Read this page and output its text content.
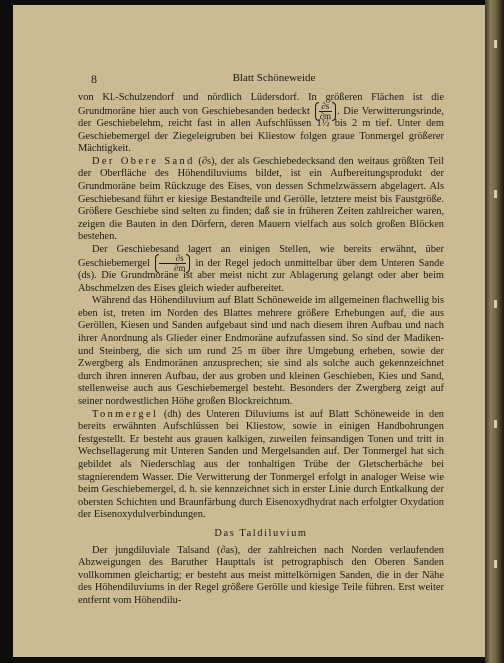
8	Blatt Schöneweide

von Kl.-Schulzendorf und nördlich Lüdersdorf. In größeren Flächen ist die Grundmoräne hier auch von Geschiebesanden bedeckt $\frac{\partial s}{\partial m}$ . Die Verwitterungsrinde, der Geschiebelehm, reicht fast in allen Aufschlüssen 1½ bis 2 m tief. Unter dem Geschiebemergel der Ziegeleigruben bei Kliestow folgen graue Tonmergel größerer Mächtigkeit.

Der Obere Sand (∂s), der als Geschiebedecksand den weitaus größten Teil der Oberfläche des Höhendiluviums bildet, ist ein Aufbereitungsprodukt der Grundmoräne beim Rückzuge des Eises, von dessen Schmelzwässern abgelagert. Als Geschiebesand führt er kiesige Bestandteile und Gerölle, letztere meist bis Faustgröße. Größere Geschiebe sind selten zu finden; daß sie in früheren Zeiten zahlreicher waren, zeigen die Bauten in den Dörfern, deren Mauern vielfach aus solch großen Blöcken bestehen.

Der Geschiebesand lagert an einigen Stellen, wie bereits erwähnt, über Geschiebemergel $\frac{\partial s}{\partial m}$ in der Regel jedoch unmittelbar über dem Unteren Sande (ds). Die Grundmoräne ist aber meist nicht zur Ablagerung gelangt oder aber beim Abschmelzen des Eises gleich wieder aufbereitet.

Während das Höhendiluvium auf Blatt Schöneweide im allgemeinen flachwellig bis eben ist, treten im Norden des Blattes mehrere größere Erhebungen auf, die aus Geröllen, Kiesen und Sanden aufgebaut sind und nach diesem ihren Aufbau und nach ihrer Anordnung als Glieder einer Endmoräne aufzufassen sind. So sind der Madiken- und Steinberg, die sich um rund 25 m über ihre Umgebung erheben, sowie der Zwergberg als Endmoränen anzusprechen; sie sind als solche auch gekennzeichnet durch ihren inneren Aufbau, der aus groben und kleinen Geschieben, Kies und Sand, stellenweise auch aus Geschiebemergel besteht. Besonders der Zwergberg zeigt auf seiner nordwestlichen Höhe großen Blockreichtum.

Tonmergel (dh) des Unteren Diluviums ist auf Blatt Schöneweide in den bereits erwähnten Aufschlüssen bei Kliestow, sowie in einigen Handbohrungen festgestellt. Er besteht aus grauen kalkigen, zuweilen feinsandigen Tonen und tritt in Wechsellagerung mit Unteren Sanden und Mergelsanden auf. Der Tonmergel hat sich gebildet als Niederschlag aus der tonhaltigen Trübe der Gletscherbäche bei stagnierendem Wasser. Die Verwitterung der Tonmergel erfolgt in analoger Weise wie beim Geschiebemergel, d. h. sie kennzeichnet sich in erster Linie durch Entkalkung der obersten Schichten und Braunfärbung durch Eisenoxydhydrat nach erfolgter Oxydation der Eisenoxydulverbindungen.

Das Taldiluvium

Der jungdiluviale Talsand (∂as), der zahlreichen nach Norden verlaufenden Abzweigungen des Baruther Haupttals ist petrographisch den Oberen Sanden vollkommen gleichartig; er besteht aus meist mittelkörnigen Sanden, die in der Nähe des Höhendiluviums in der Regel größere Gerölle und kiesige Teile führen. Erst weiter entfernt vom Höhendilu-
